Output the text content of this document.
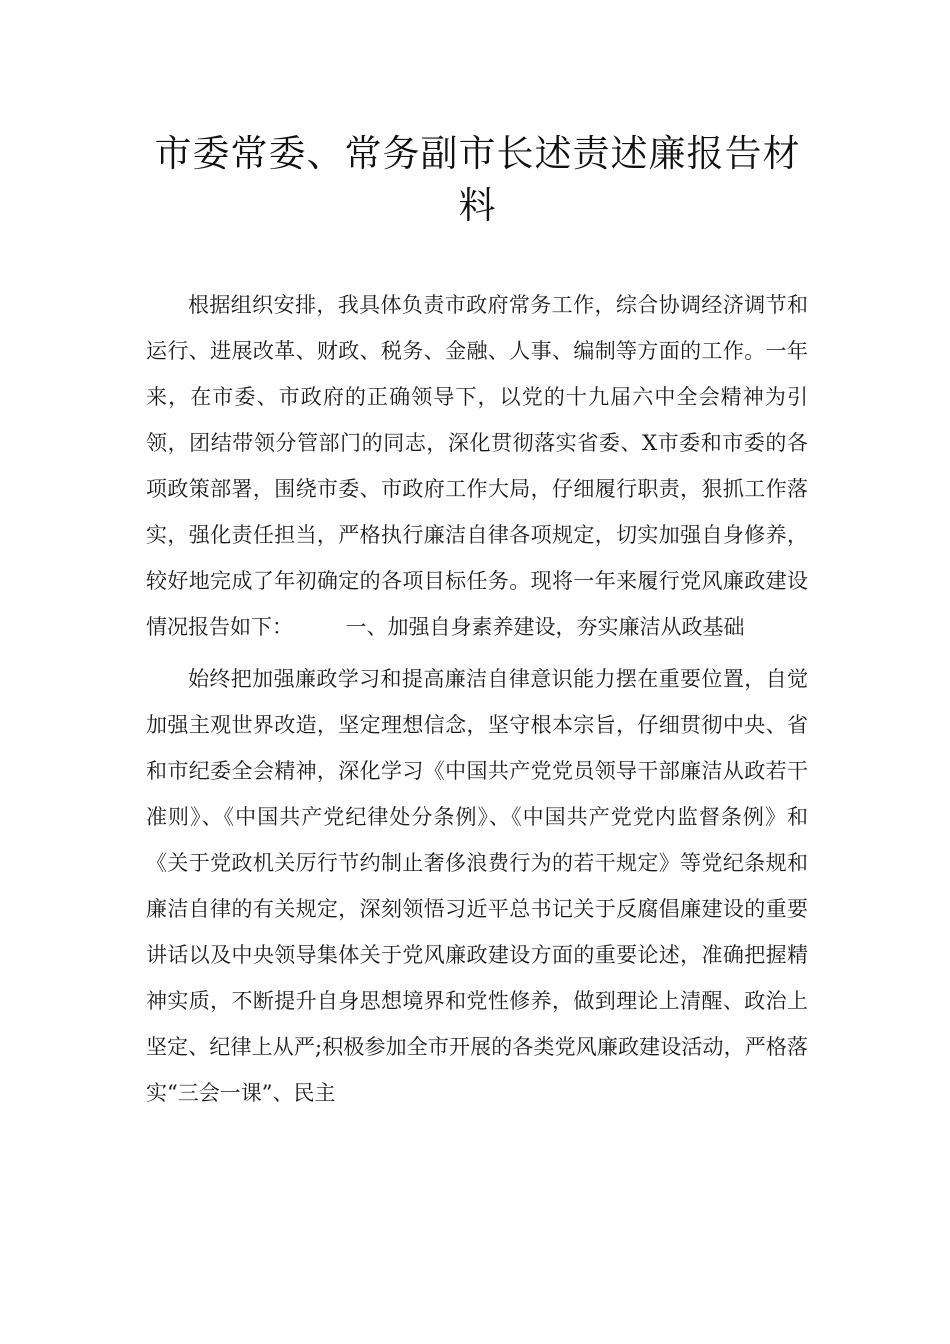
市委常委、常务副市长述责述廉报告材料

根据组织安排，我具体负责市政府常务工作，综合协调经济调节和运行、进展改革、财政、税务、金融、人事、编制等方面的工作。一年来，在市委、市政府的正确领导下，以党的十九届六中全会精神为引领，团结带领分管部门的同志，深化贯彻落实省委、X市委和市委的各项政策部署，围绕市委、市政府工作大局，仔细履行职责，狠抓工作落实，强化责任担当，严格执行廉洁自律各项规定，切实加强自身修养，较好地完成了年初确定的各项目标任务。现将一年来履行党风廉政建设情况报告如下：　　　一、加强自身素养建设，夯实廉洁从政基础

始终把加强廉政学习和提高廉洁自律意识能力摆在重要位置，自觉加强主观世界改造，坚定理想信念，坚守根本宗旨，仔细贯彻中央、省和市纪委全会精神，深化学习《中国共产党党员领导干部廉洁从政若干准则》、《中国共产党纪律处分条例》、《中国共产党党内监督条例》和《关于党政机关厉行节约制止奢侈浪费行为的若干规定》等党纪条规和廉洁自律的有关规定，深刻领悟习近平总书记关于反腐倡廉建设的重要讲话以及中央领导集体关于党风廉政建设方面的重要论述，准确把握精神实质，不断提升自身思想境界和党性修养，做到理论上清醒、政治上坚定、纪律上从严;积极参加全市开展的各类党风廉政建设活动，严格落实“三会一课”、民主
